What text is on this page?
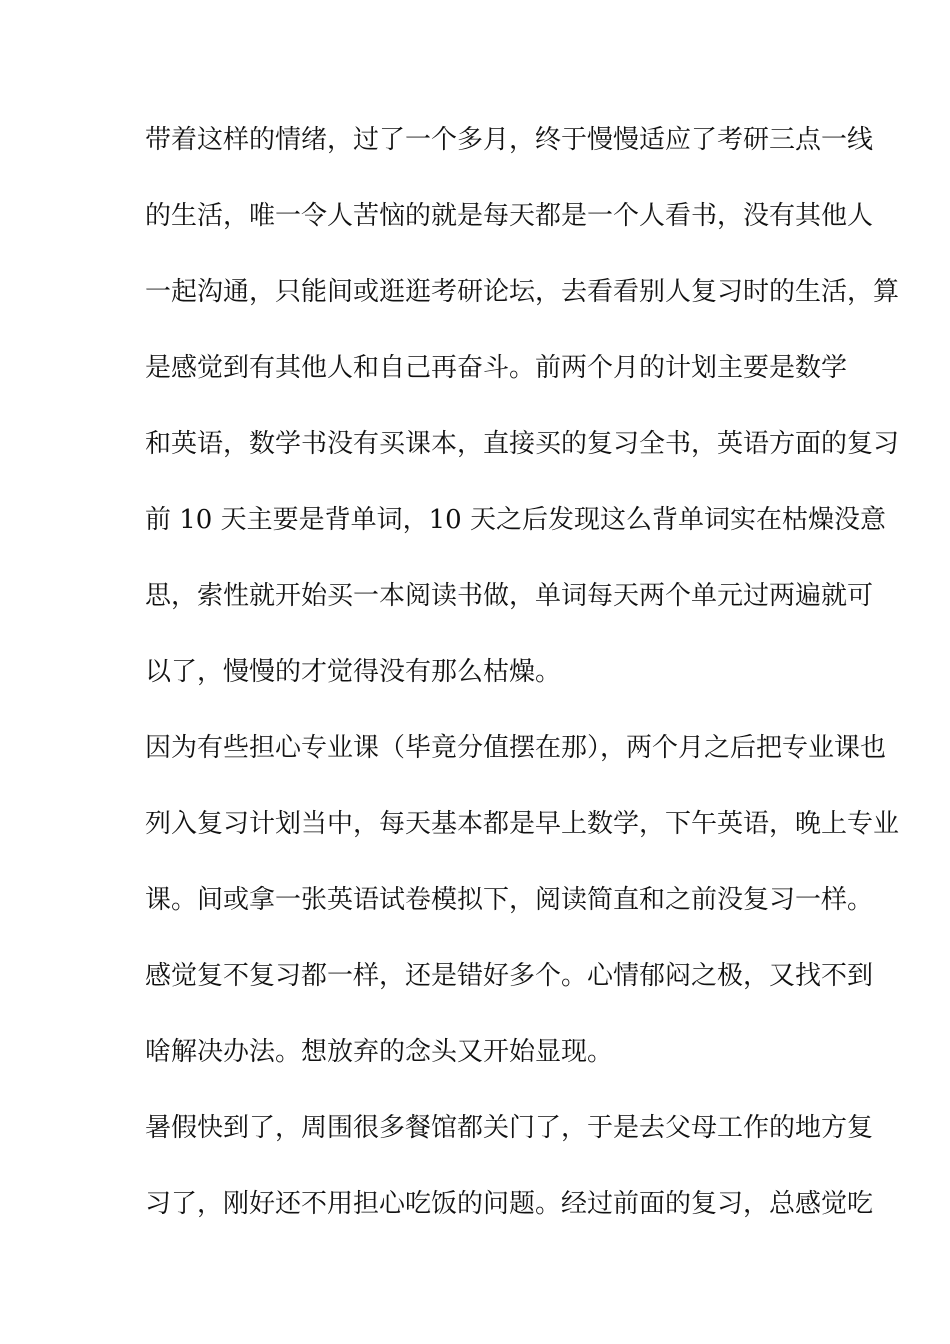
带着这样的情绪，过了一个多月，终于慢慢适应了考研三点一线
的生活，唯一令人苦恼的就是每天都是一个人看书，没有其他人
一起沟通，只能间或逛逛考研论坛，去看看别人复习时的生活，算
是感觉到有其他人和自己再奋斗。前两个月的计划主要是数学
和英语，数学书没有买课本，直接买的复习全书，英语方面的复习
前 10 天主要是背单词，10 天之后发现这么背单词实在枯燥没意
思，索性就开始买一本阅读书做，单词每天两个单元过两遍就可
以了，慢慢的才觉得没有那么枯燥。
因为有些担心专业课（毕竟分值摆在那），两个月之后把专业课也
列入复习计划当中，每天基本都是早上数学，下午英语，晚上专业
课。间或拿一张英语试卷模拟下，阅读简直和之前没复习一样。
感觉复不复习都一样，还是错好多个。心情郁闷之极，又找不到
啥解决办法。想放弃的念头又开始显现。
暑假快到了，周围很多餐馆都关门了，于是去父母工作的地方复
习了，刚好还不用担心吃饭的问题。经过前面的复习，总感觉吃
